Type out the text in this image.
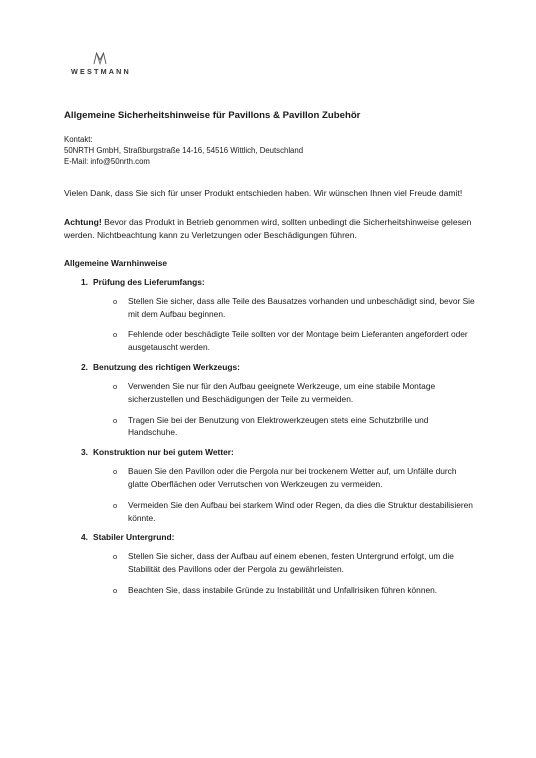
WESTMANN
Allgemeine Sicherheitshinweise für Pavillons & Pavillon Zubehör
Kontakt:
50NRTH GmbH, Straßburgstraße 14-16, 54516 Wittlich, Deutschland
E-Mail: info@50nrth.com
Vielen Dank, dass Sie sich für unser Produkt entschieden haben. Wir wünschen Ihnen viel Freude damit!
Achtung! Bevor das Produkt in Betrieb genommen wird, sollten unbedingt die Sicherheitshinweise gelesen werden. Nichtbeachtung kann zu Verletzungen oder Beschädigungen führen.
Allgemeine Warnhinweise
1. Prüfung des Lieferumfangs:
o Stellen Sie sicher, dass alle Teile des Bausatzes vorhanden und unbeschädigt sind, bevor Sie mit dem Aufbau beginnen.
o Fehlende oder beschädigte Teile sollten vor der Montage beim Lieferanten angefordert oder ausgetauscht werden.
2. Benutzung des richtigen Werkzeugs:
o Verwenden Sie nur für den Aufbau geeignete Werkzeuge, um eine stabile Montage sicherzustellen und Beschädigungen der Teile zu vermeiden.
o Tragen Sie bei der Benutzung von Elektrowerkzeugen stets eine Schutzbrille und Handschuhe.
3. Konstruktion nur bei gutem Wetter:
o Bauen Sie den Pavillon oder die Pergola nur bei trockenem Wetter auf, um Unfälle durch glatte Oberflächen oder Verrutschen von Werkzeugen zu vermeiden.
o Vermeiden Sie den Aufbau bei starkem Wind oder Regen, da dies die Struktur destabilisieren könnte.
4. Stabiler Untergrund:
o Stellen Sie sicher, dass der Aufbau auf einem ebenen, festen Untergrund erfolgt, um die Stabilität des Pavillons oder der Pergola zu gewährleisten.
o Beachten Sie, dass instabile Gründe zu Instabilität und Unfallrisiken führen können.
